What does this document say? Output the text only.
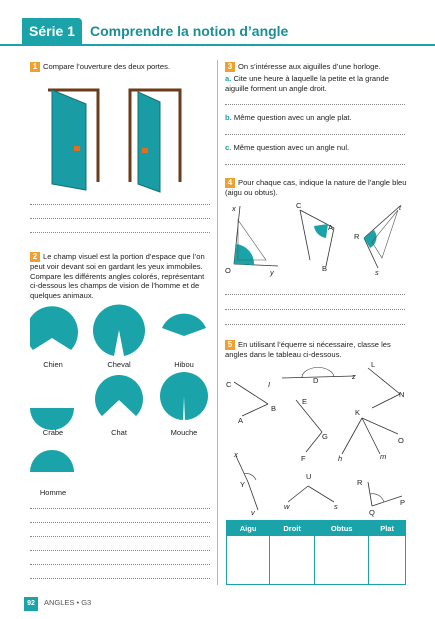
Série 1	Comprendre la notion d’angle
1 Compare l’ouverture des deux portes.
2 Le champ visuel est la portion d’espace que l’on peut voir devant soi en gardant les yeux immobiles. Compare les différents angles colorés, représentant ci-dessous les champs de vision de l’homme et de quelques animaux.
Chien	Cheval	Hibou
Crabe	Chat	Mouche
Homme
3 On s’intéresse aux aiguilles d’une horloge.
a. Cite une heure à laquelle la petite et la grande aiguille forment un angle droit.
b. Même question avec un angle plat.
c. Même question avec un angle nul.
4 Pour chaque cas, indique la nature de l’angle bleu (aigu ou obtus).
x
O	y
C
A
B
t
R
s
5 En utilisant l’équerre si nécessaire, classe les angles dans le tableau ci-dessous.
C	I	D	z
L
N
A
B
E
G
K
O
F	h	m
x
Y
U
R
P
v
w	s
Q
Aigu	Droit	Obtus	Plat

92	ANGLES • G3
